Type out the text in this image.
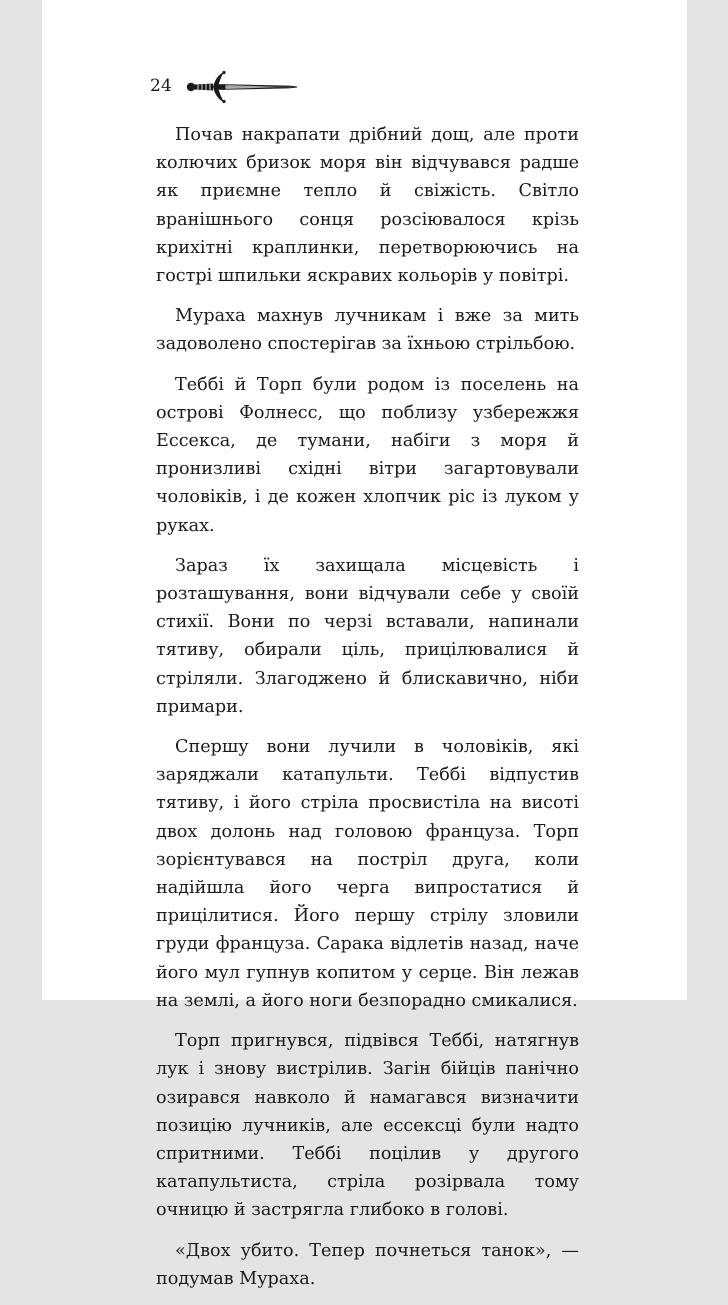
24

Почав накрапати дрібний дощ, але проти колючих бризок моря він відчувався радше як приємне тепло й свіжість. Світло вранішнього сонця розсіювалося крізь крихітні краплинки, перетворюючись на гострі шпильки яскравих кольорів у повітрі.

Мураха махнув лучникам і вже за мить задоволено спостерігав за їхньою стрільбою.

Теббі й Торп були родом із поселень на острові Фолнесс, що поблизу узбережжя Ессекса, де тумани, набіги з моря й пронизливі східні вітри загартовували чоловіків, і де кожен хлопчик ріс із луком у руках.

Зараз їх захищала місцевість і розташування, вони відчували себе у своїй стихії. Вони по черзі вставали, напинали тятиву, обирали ціль, прицілювалися й стріляли. Злагоджено й блискавично, ніби примари.

Спершу вони лучили в чоловіків, які заряджали катапульти. Теббі відпустив тятиву, і його стріла просвистіла на висоті двох долонь над головою француза. Торп зорієнтувався на постріл друга, коли надійшла його черга випростатися й прицілитися. Його першу стрілу зловили груди француза. Сарака відлетів назад, наче його мул гупнув копитом у серце. Він лежав на землі, а його ноги безпорадно смикалися.

Торп пригнувся, підвівся Теббі, натягнув лук і знову вистрілив. Загін бійців панічно озирався навколо й намагався визначити позицію лучників, але ессексці були надто спритними. Теббі поцілив у другого катапультиста, стріла розірвала тому очницю й застрягла глибоко в голові.

«Двох убито. Тепер почнеться танок», — подумав Мураха.
